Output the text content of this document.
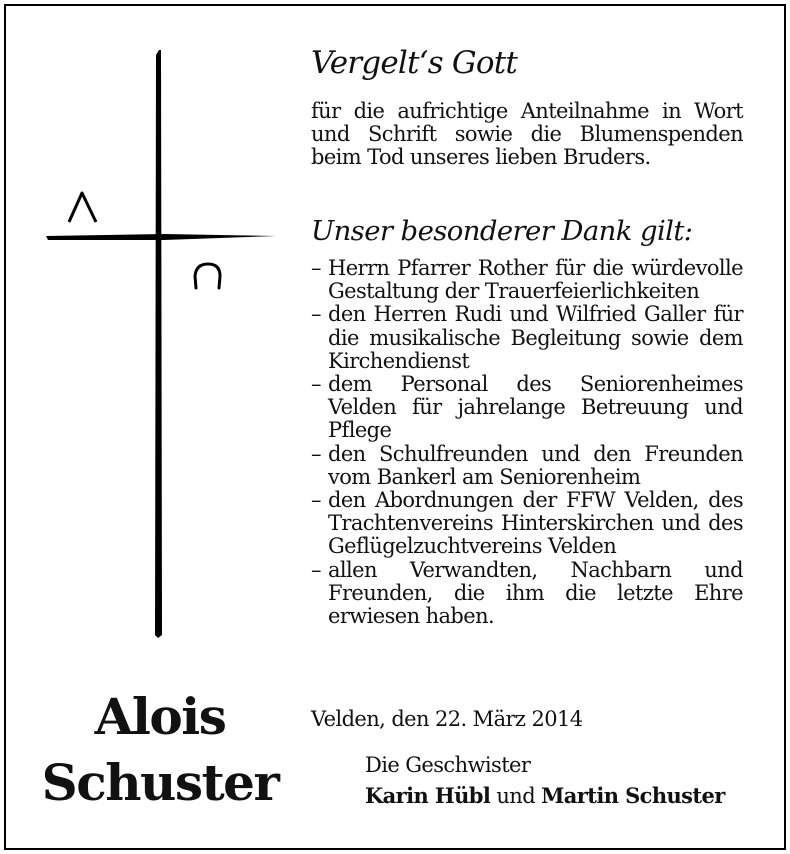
Alois
Schuster
Vergelt‘s Gott
für die aufrichtige Anteilnahme in Wort und Schrift sowie die Blumenspenden beim Tod unseres lieben Bruders.
Unser besonderer Dank gilt:
– Herrn Pfarrer Rother für die würdevolle Gestaltung der Trauerfeierlichkeiten
– den Herren Rudi und Wilfried Galler für die musikalische Begleitung sowie dem Kirchendienst
– dem Personal des Seniorenheimes Velden für jahrelange Betreuung und Pflege
– den Schulfreunden und den Freunden vom Bankerl am Seniorenheim
– den Abordnungen der FFW Velden, des Trachtenvereins Hinterskirchen und des Geflügelzuchtvereins Velden
– allen Verwandten, Nachbarn und Freunden, die ihm die letzte Ehre erwiesen haben.
Velden, den 22. März 2014
Die Geschwister
Karin Hübl und Martin Schuster
